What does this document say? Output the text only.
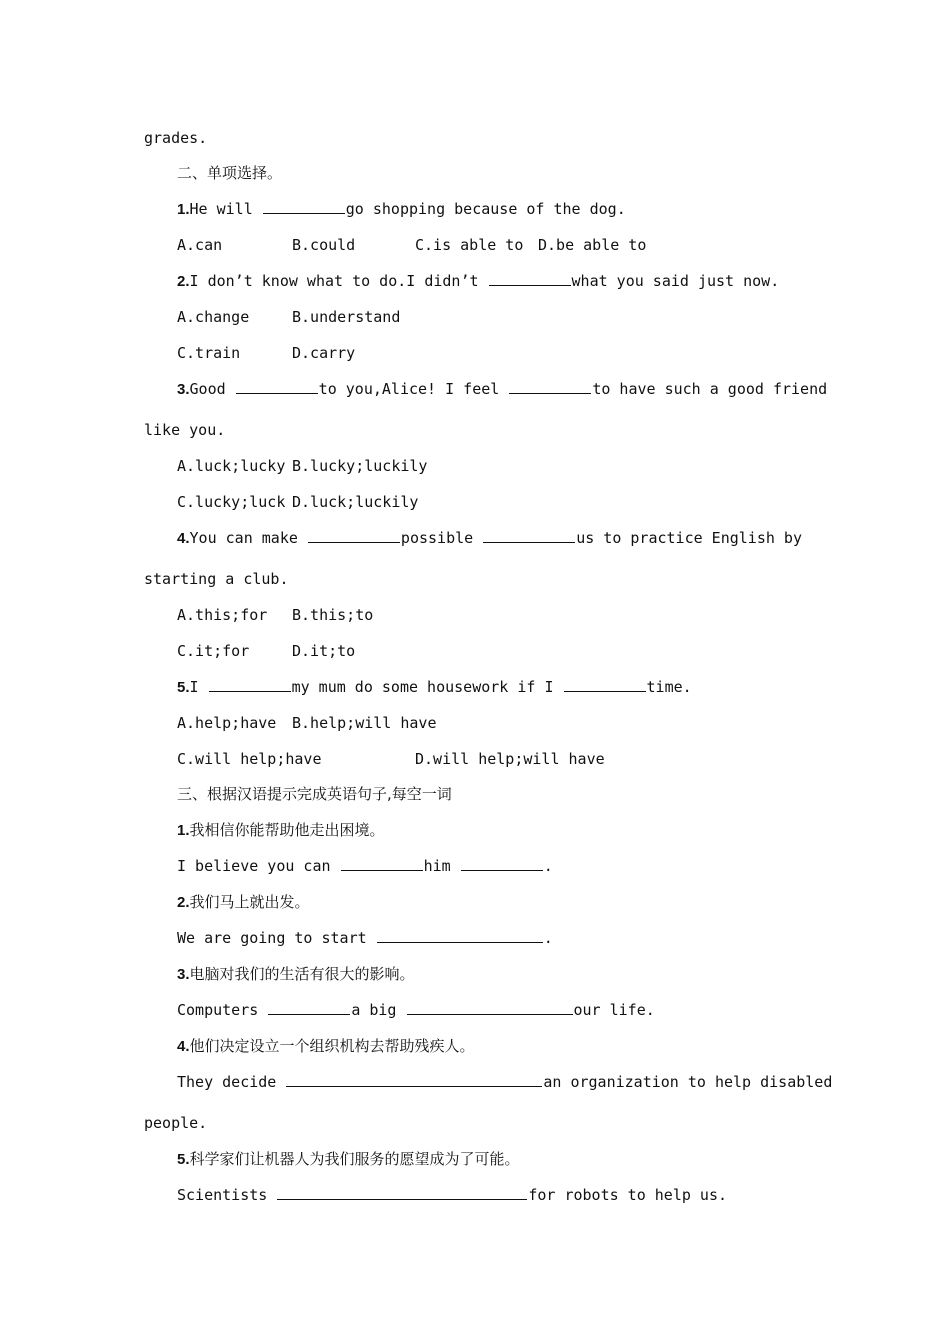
grades.
二、单项选择。
1.He will	go shopping because of the dog.
A.can	B.could	C.is able to D.be able to
2.I don’t know what to do.I didn’t	what you said just now.
A.change	B.understand
C.train	D.carry
3.Good	to you,Alice! I feel	to have such a good friend
like you.
A.luck;lucky B.lucky;luckily
C.lucky;luck D.luck;luckily
4.You can make	possible	us to practice English by
starting a club.
A.this;for B.this;to
C.it;for	D.it;to
5.I	my mum do some housework if I	time.
A.help;have B.help;will have
C.will help;have	D.will help;will have
三、根据汉语提示完成英语句子,每空一词
1.我相信你能帮助他走出困境。
I believe you can	him	.
2.我们马上就出发。
We are going to start	.
3.电脑对我们的生活有很大的影响。
Computers	a big	our life.
4.他们决定设立一个组织机构去帮助残疾人。
They decide	an organization to help disabled
people.
5.科学家们让机器人为我们服务的愿望成为了可能。
Scientists	for robots to help us.
